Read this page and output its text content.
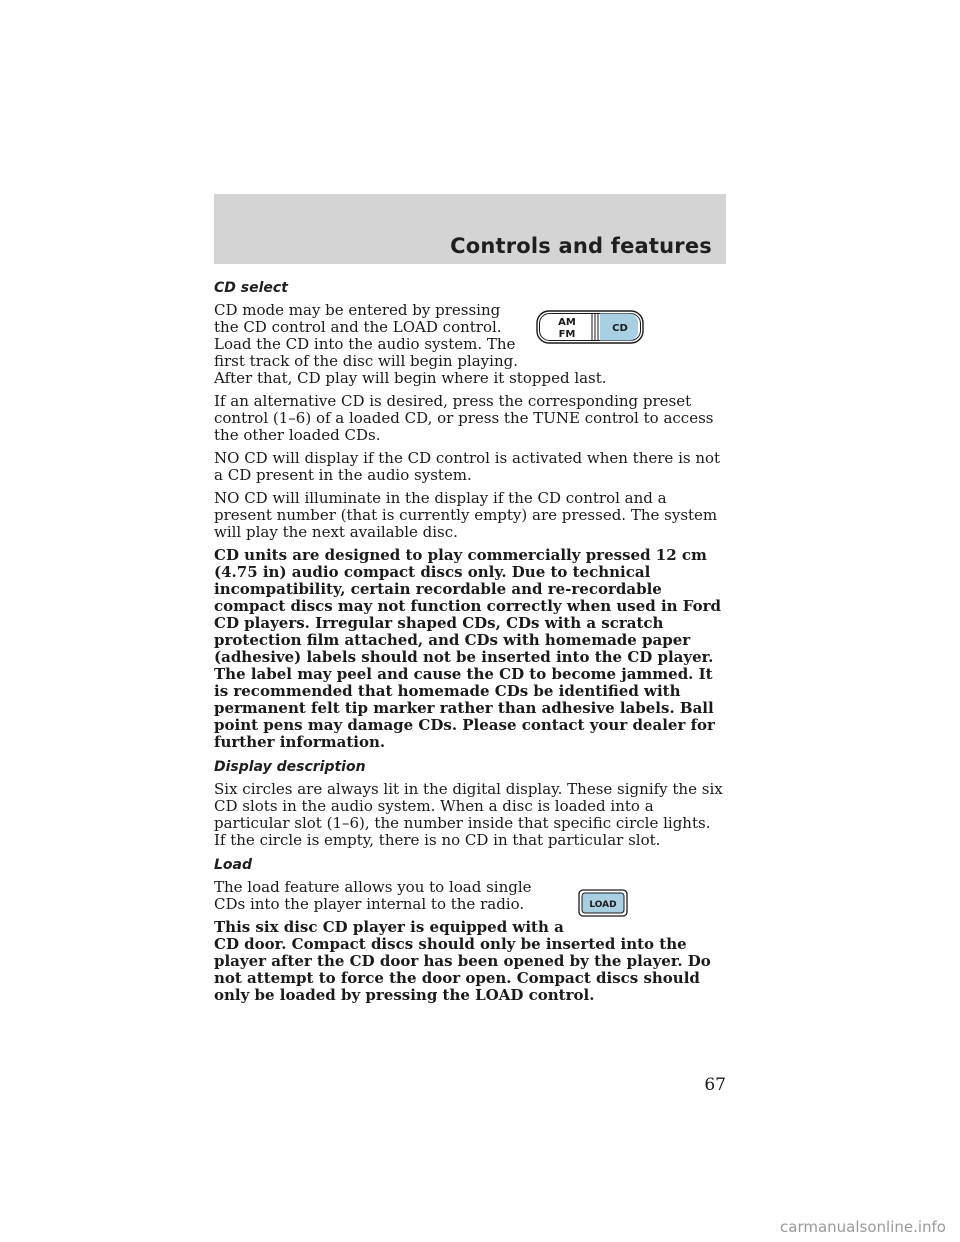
Controls and features
CD select
AM
FM
CD

CD mode may be entered by pressing the CD control and the LOAD control. Load the CD into the audio system. The first track of the disc will begin playing. After that, CD play will begin where it stopped last.

If an alternative CD is desired, press the corresponding preset control (1–6) of a loaded CD, or press the TUNE control to access the other loaded CDs.

NO CD will display if the CD control is activated when there is not a CD present in the audio system.

NO CD will illuminate in the display if the CD control and a present number (that is currently empty) are pressed. The system will play the next available disc.

CD units are designed to play commercially pressed 12 cm (4.75 in) audio compact discs only. Due to technical incompatibility, certain recordable and re-recordable compact discs may not function correctly when used in Ford CD players. Irregular shaped CDs, CDs with a scratch protection film attached, and CDs with homemade paper (adhesive) labels should not be inserted into the CD player. The label may peel and cause the CD to become jammed. It is recommended that homemade CDs be identified with permanent felt tip marker rather than adhesive labels. Ball point pens may damage CDs. Please contact your dealer for further information.

Display description

Six circles are always lit in the digital display. These signify the six CD slots in the audio system. When a disc is loaded into a particular slot (1–6), the number inside that specific circle lights. If the circle is empty, there is no CD in that particular slot.

Load
LOAD

The load feature allows you to load single CDs into the player internal to the radio.

This six disc CD player is equipped with a CD door. Compact discs should only be inserted into the player after the CD door has been opened by the player. Do not attempt to force the door open. Compact discs should only be loaded by pressing the LOAD control.

67
carmanualsonline.info
